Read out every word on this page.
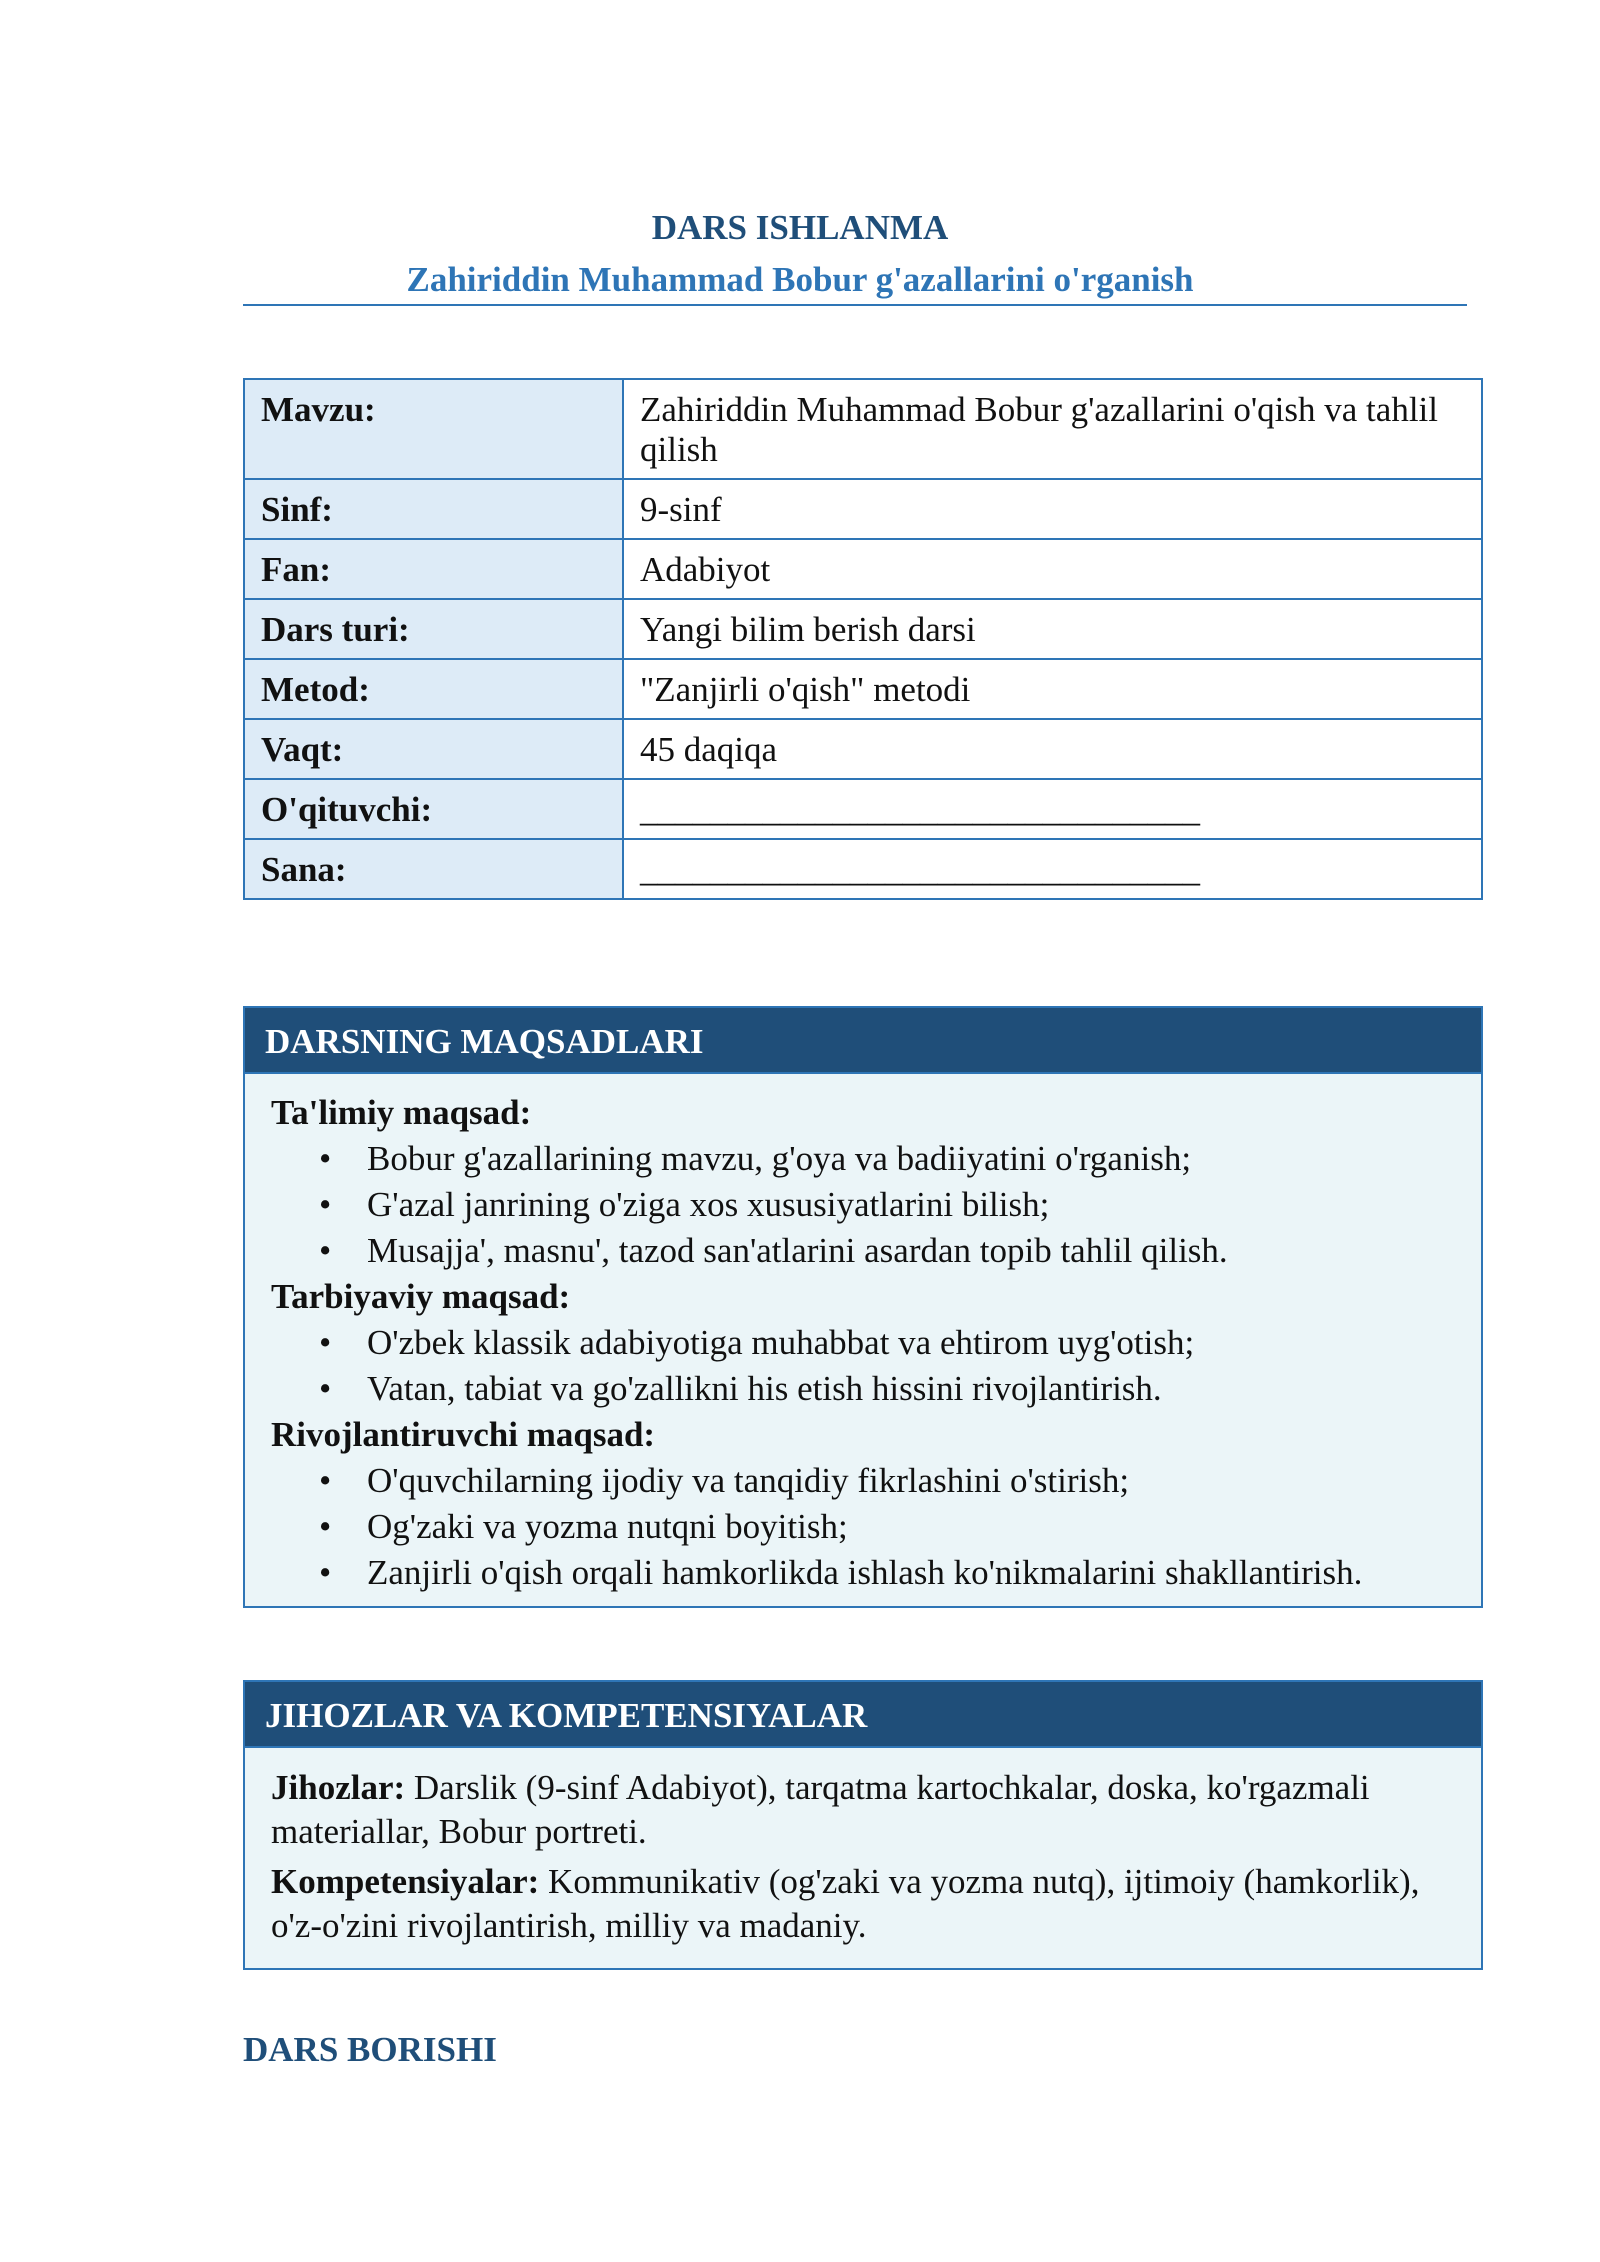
DARS ISHLANMA
Zahiriddin Muhammad Bobur g'azallarini o'rganish
Mavzu:	Zahiriddin Muhammad Bobur g'azallarini o'qish va tahlil qilish
Sinf:	9-sinf
Fan:	Adabiyot
Dars turi:	Yangi bilim berish darsi
Metod:	"Zanjirli o'qish" metodi
Vaqt:	45 daqiqa
O'qituvchi:	________________________________
Sana:	________________________________
DARSNING MAQSADLARI
Ta'limiy maqsad:
• Bobur g'azallarining mavzu, g'oya va badiiyatini o'rganish;
• G'azal janrining o'ziga xos xususiyatlarini bilish;
• Musajja', masnu', tazod san'atlarini asardan topib tahlil qilish.
Tarbiyaviy maqsad:
• O'zbek klassik adabiyotiga muhabbat va ehtirom uyg'otish;
• Vatan, tabiat va go'zallikni his etish hissini rivojlantirish.
Rivojlantiruvchi maqsad:
• O'quvchilarning ijodiy va tanqidiy fikrlashini o'stirish;
• Og'zaki va yozma nutqni boyitish;
• Zanjirli o'qish orqali hamkorlikda ishlash ko'nikmalarini shakllantirish.
JIHOZLAR VA KOMPETENSIYALAR

Jihozlar: Darslik (9-sinf Adabiyot), tarqatma kartochkalar, doska, ko'rgazmali materiallar, Bobur portreti.

Kompetensiyalar: Kommunikativ (og'zaki va yozma nutq), ijtimoiy (hamkorlik), o'z-o'zini rivojlantirish, milliy va madaniy.

DARS BORISHI
